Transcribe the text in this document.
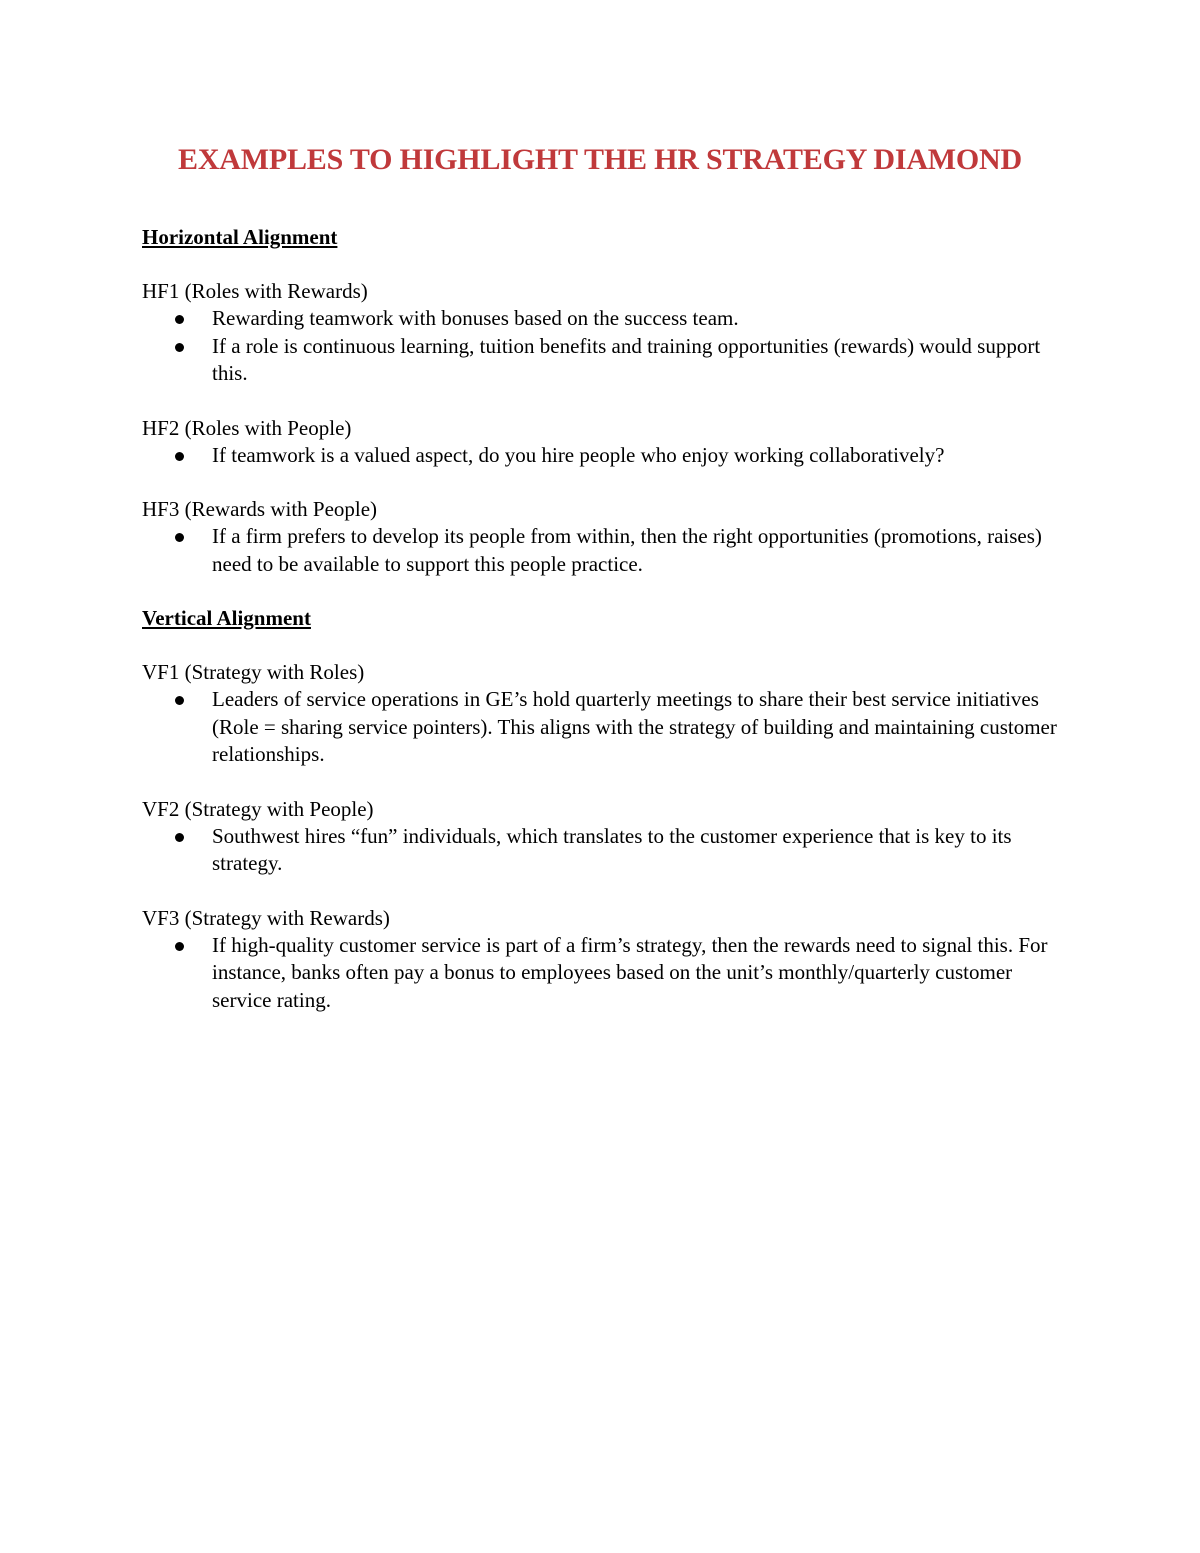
EXAMPLES TO HIGHLIGHT THE HR STRATEGY DIAMOND
Horizontal Alignment
HF1 (Roles with Rewards)
Rewarding teamwork with bonuses based on the success team.
If a role is continuous learning, tuition benefits and training opportunities (rewards) would support this.
HF2 (Roles with People)
If teamwork is a valued aspect, do you hire people who enjoy working collaboratively?
HF3 (Rewards with People)
If a firm prefers to develop its people from within, then the right opportunities (promotions, raises) need to be available to support this people practice.
Vertical Alignment
VF1 (Strategy with Roles)
Leaders of service operations in GE’s hold quarterly meetings to share their best service initiatives (Role = sharing service pointers). This aligns with the strategy of building and maintaining customer relationships.
VF2 (Strategy with People)
Southwest hires “fun” individuals, which translates to the customer experience that is key to its strategy.
VF3 (Strategy with Rewards)
If high-quality customer service is part of a firm’s strategy, then the rewards need to signal this. For instance, banks often pay a bonus to employees based on the unit’s monthly/quarterly customer service rating.
